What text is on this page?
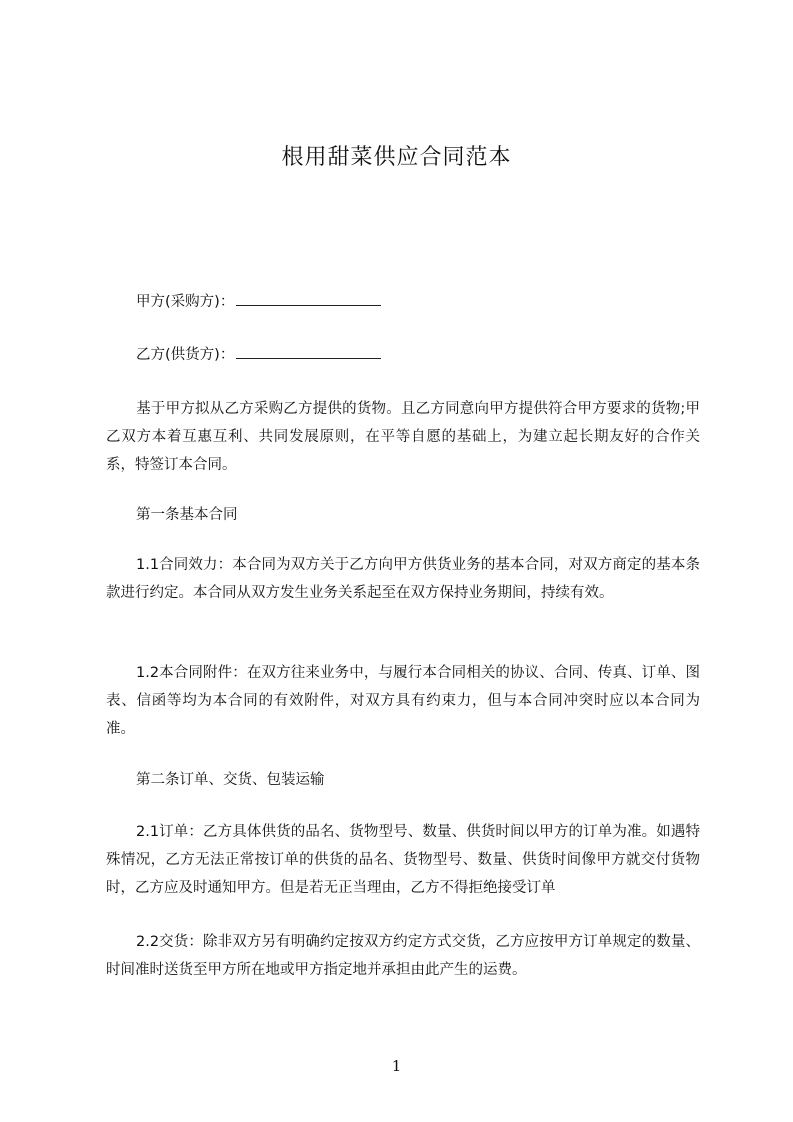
根用甜菜供应合同范本
甲方(采购方)：
乙方(供货方)：
基于甲方拟从乙方采购乙方提供的货物。且乙方同意向甲方提供符合甲方要求的货物;甲乙双方本着互惠互利、共同发展原则，在平等自愿的基础上，为建立起长期友好的合作关系，特签订本合同。
第一条基本合同
1.1合同效力：本合同为双方关于乙方向甲方供货业务的基本合同，对双方商定的基本条款进行约定。本合同从双方发生业务关系起至在双方保持业务期间，持续有效。
1.2本合同附件：在双方往来业务中，与履行本合同相关的协议、合同、传真、订单、图表、信函等均为本合同的有效附件，对双方具有约束力，但与本合同冲突时应以本合同为准。
第二条订单、交货、包装运输
2.1订单：乙方具体供货的品名、货物型号、数量、供货时间以甲方的订单为准。如遇特殊情况，乙方无法正常按订单的供货的品名、货物型号、数量、供货时间像甲方就交付货物时，乙方应及时通知甲方。但是若无正当理由，乙方不得拒绝接受订单
2.2交货：除非双方另有明确约定按双方约定方式交货，乙方应按甲方订单规定的数量、时间准时送货至甲方所在地或甲方指定地并承担由此产生的运费。
1
